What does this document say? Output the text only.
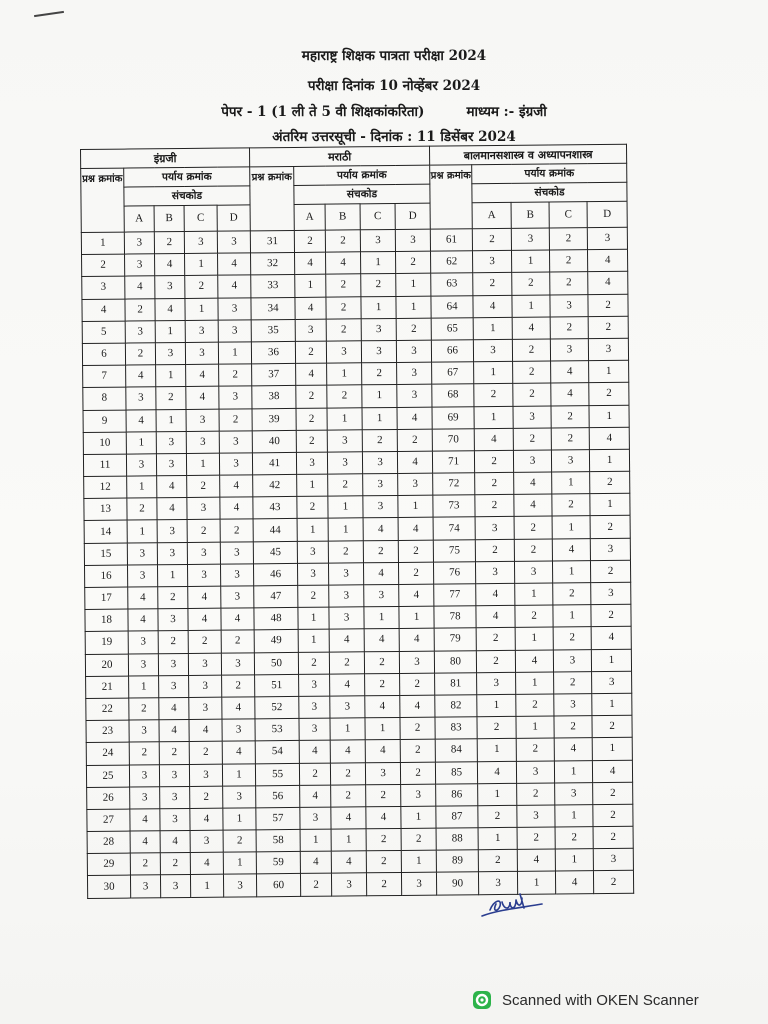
महाराष्ट्र शिक्षक पात्रता परीक्षा 2024
परीक्षा दिनांक 10 नोव्हेंबर 2024
पेपर - 1 (1 ली ते 5 वी शिक्षकांकरिता)	माध्यम :- इंग्रजी
अंतरिम उत्तरसूची - दिनांक : 11 डिसेंबर 2024
इंग्रजी					मराठी					बालमानसशास्त्र व अध्यापनशास्त्र				
प्रश्न क्रमांक	पर्याय क्रमांक				प्रश्न क्रमांक	पर्याय क्रमांक				प्रश्न क्रमांक	पर्याय क्रमांक			
	संचकोड					संचकोड					संचकोड			
	A	B	C	D		A	B	C	D		A	B	C	D
1	3	2	3	3	31	2	2	3	3	61	2	3	2	3
2	3	4	1	4	32	4	4	1	2	62	3	1	2	4
3	4	3	2	4	33	1	2	2	1	63	2	2	2	4
4	2	4	1	3	34	4	2	1	1	64	4	1	3	2
5	3	1	3	3	35	3	2	3	2	65	1	4	2	2
6	2	3	3	1	36	2	3	3	3	66	3	2	3	3
7	4	1	4	2	37	4	1	2	3	67	1	2	4	1
8	3	2	4	3	38	2	2	1	3	68	2	2	4	2
9	4	1	3	2	39	2	1	1	4	69	1	3	2	1
10	1	3	3	3	40	2	3	2	2	70	4	2	2	4
11	3	3	1	3	41	3	3	3	4	71	2	3	3	1
12	1	4	2	4	42	1	2	3	3	72	2	4	1	2
13	2	4	3	4	43	2	1	3	1	73	2	4	2	1
14	1	3	2	2	44	1	1	4	4	74	3	2	1	2
15	3	3	3	3	45	3	2	2	2	75	2	2	4	3
16	3	1	3	3	46	3	3	4	2	76	3	3	1	2
17	4	2	4	3	47	2	3	3	4	77	4	1	2	3
18	4	3	4	4	48	1	3	1	1	78	4	2	1	2
19	3	2	2	2	49	1	4	4	4	79	2	1	2	4
20	3	3	3	3	50	2	2	2	3	80	2	4	3	1
21	1	3	3	2	51	3	4	2	2	81	3	1	2	3
22	2	4	3	4	52	3	3	4	4	82	1	2	3	1
23	3	4	4	3	53	3	1	1	2	83	2	1	2	2
24	2	2	2	4	54	4	4	4	2	84	1	2	4	1
25	3	3	3	1	55	2	2	3	2	85	4	3	1	4
26	3	3	2	3	56	4	2	2	3	86	1	2	3	2
27	4	3	4	1	57	3	4	4	1	87	2	3	1	2
28	4	4	3	2	58	1	1	2	2	88	1	2	2	2
29	2	2	4	1	59	4	4	2	1	89	2	4	1	3
30	3	3	1	3	60	2	3	2	3	90	3	1	4	2
Scanned with OKEN Scanner
